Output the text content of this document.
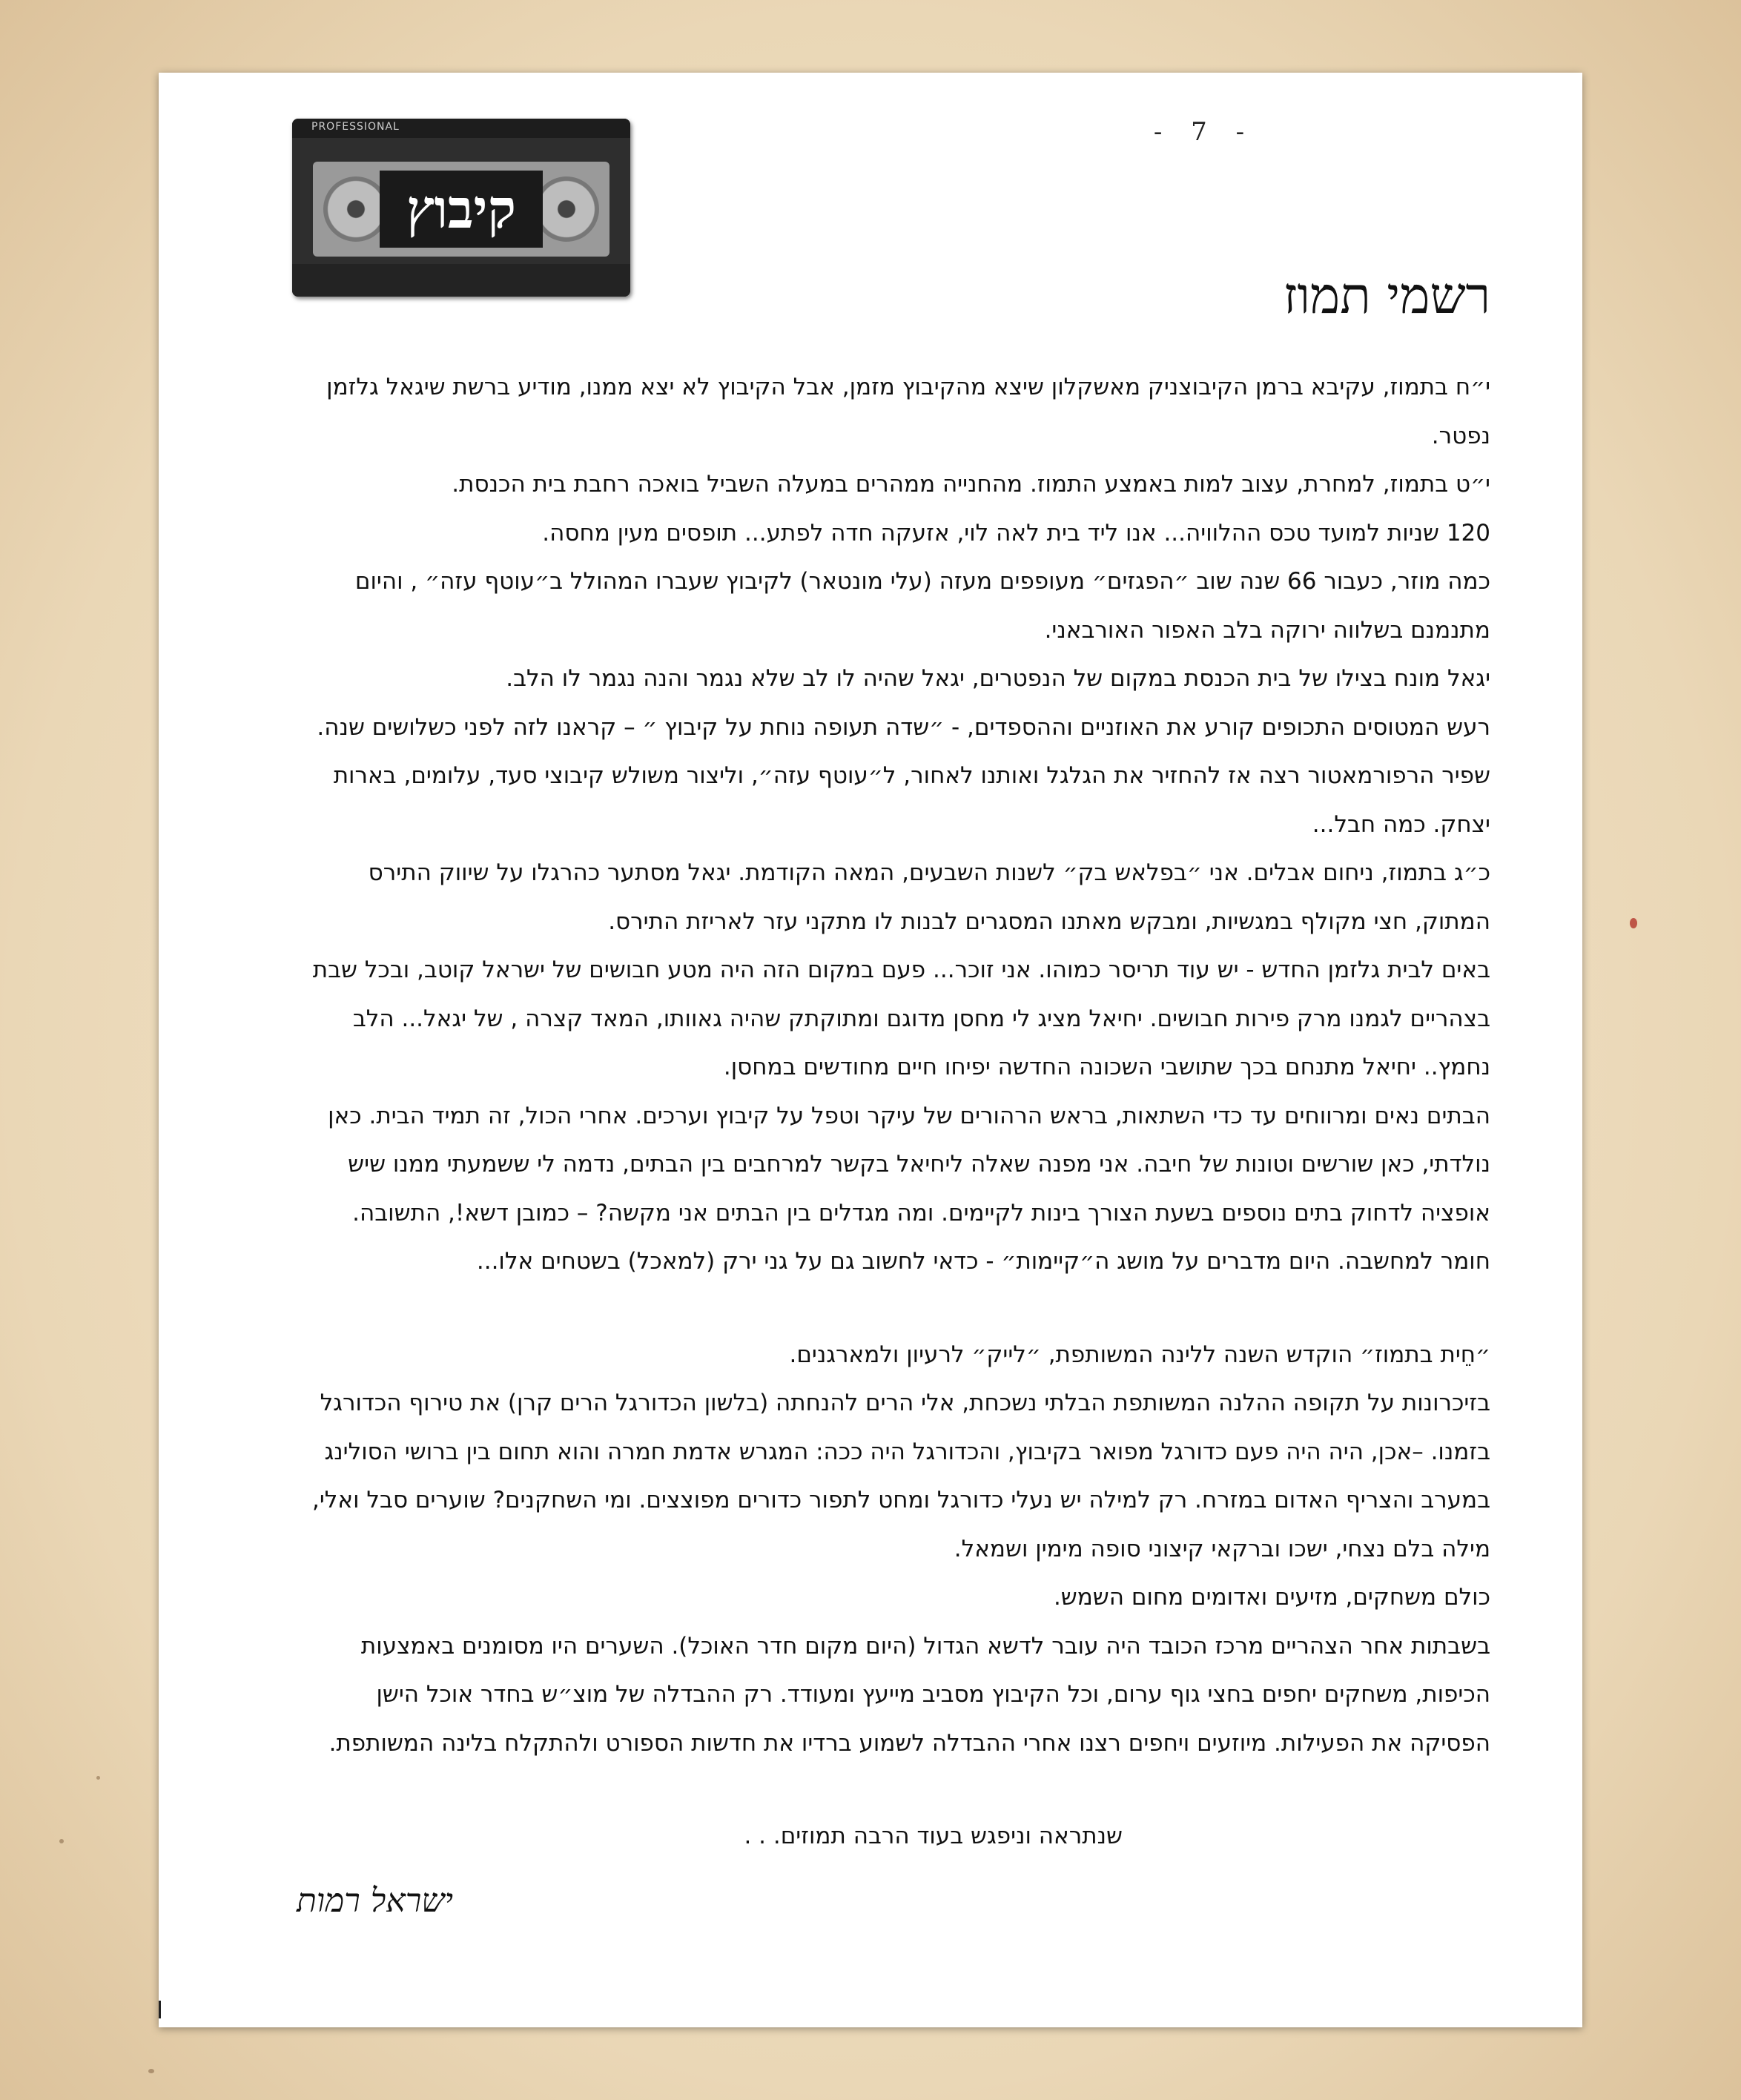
- 7 -
PROFESSIONAL
קיבוץ
רשמי תמוז

י״ח בתמוז, עקיבא ברמן הקיבוצניק מאשקלון שיצא מהקיבוץ מזמן, אבל הקיבוץ לא יצא ממנו, מודיע ברשת שיגאל גלזמן נפטר.

י״ט בתמוז, למחרת, עצוב למות באמצע התמוז. מהחנייה ממהרים במעלה השביל בואכה רחבת בית הכנסת.

120 שניות למועד טכס ההלוויה... אנו ליד בית לאה לוי, אזעקה חדה לפתע... תופסים מעין מחסה.

כמה מוזר, כעבור 66 שנה שוב ״הפגזים״ מעופפים מעזה (עלי מונטאר) לקיבוץ שעברו המהולל ב״עוטף עזה״ , והיום מתנמנם בשלווה ירוקה בלב האפור האורבאני.

יגאל מונח בצילו של בית הכנסת במקום של הנפטרים, יגאל שהיה לו לב שלא נגמר והנה נגמר לו הלב.

רעש המטוסים התכופים קורע את האוזניים וההספדים, - ״שדה תעופה נוחת על קיבוץ ״ – קראנו לזה לפני כשלושים שנה. שפיר הרפורמאטור רצה אז להחזיר את הגלגל ואותנו לאחור, ל״עוטף עזה״, וליצור משולש קיבוצי סעד, עלומים, בארות יצחק. כמה חבל...

כ״ג בתמוז, ניחום אבלים. אני ״בפלאש בק״ לשנות השבעים, המאה הקודמת. יגאל מסתער כהרגלו על שיווק התירס המתוק, חצי מקולף במגשיות, ומבקש מאתנו המסגרים לבנות לו מתקני עזר לאריזת התירס.

באים לבית גלזמן החדש - יש עוד תריסר כמוהו. אני זוכר... פעם במקום הזה היה מטע חבושים של ישראל קוטב, ובכל שבת בצהריים לגמנו מרק פירות חבושים. יחיאל מציג לי מחסן מדוגם ומתוקתק שהיה גאוותו, המאד קצרה , של יגאל... הלב נחמץ.. יחיאל מתנחם בכך שתושבי השכונה החדשה יפיחו חיים מחודשים במחסן.

הבתים נאים ומרווחים עד כדי השתאות, בראש הרהורים של עיקר וטפל על קיבוץ וערכים. אחרי הכול, זה תמיד הבית. כאן נולדתי, כאן שורשים וטונות של חיבה. אני מפנה שאלה ליחיאל בקשר למרחבים בין הבתים, נדמה לי ששמעתי ממנו שיש אופציה לדחוק בתים נוספים בשעת הצורך בינות לקיימים. ומה מגדלים בין הבתים אני מקשה? – כמובן דשא!, התשובה.

חומר למחשבה. היום מדברים על מושג ה״קיימות״ - כדאי לחשוב גם על גני ירק (למאכל) בשטחים אלו...

״חֵית בתמוז״ הוקדש השנה ללינה המשותפת, ״לייק״ לרעיון ולמארגנים.

בזיכרונות על תקופה ההלנה המשותפת הבלתי נשכחת, אלי הרים להנחתה (בלשון הכדורגל הרים קרן) את טירוף הכדורגל בזמנו. –אכן, היה היה פעם כדורגל מפואר בקיבוץ, והכדורגל היה ככה: המגרש אדמת חמרה והוא תחום בין ברושי הסולינג במערב והצריף האדום במזרח. רק למילה יש נעלי כדורגל ומחט לתפור כדורים מפוצצים. ומי השחקנים? שוערים סבל ואלי, מילה בלם נצחי, ישכו וברקאי קיצוני סופה מימין ושמאל.

כולם משחקים, מזיעים ואדומים מחום השמש.

בשבתות אחר הצהריים מרכז הכובד היה עובר לדשא הגדול (היום מקום חדר האוכל). השערים היו מסומנים באמצעות הכיפות, משחקים יחפים בחצי גוף ערום, וכל הקיבוץ מסביב מייעץ ומעודד. רק ההבדלה של מוצ״ש בחדר אוכל הישן הפסיקה את הפעילות. מיוזעים ויחפים רצנו אחרי ההבדלה לשמוע ברדיו את חדשות הספורט ולהתקלח בלינה המשותפת.

שנתראה וניפגש בעוד הרבה תמוזים. . .
ישראל רמות
